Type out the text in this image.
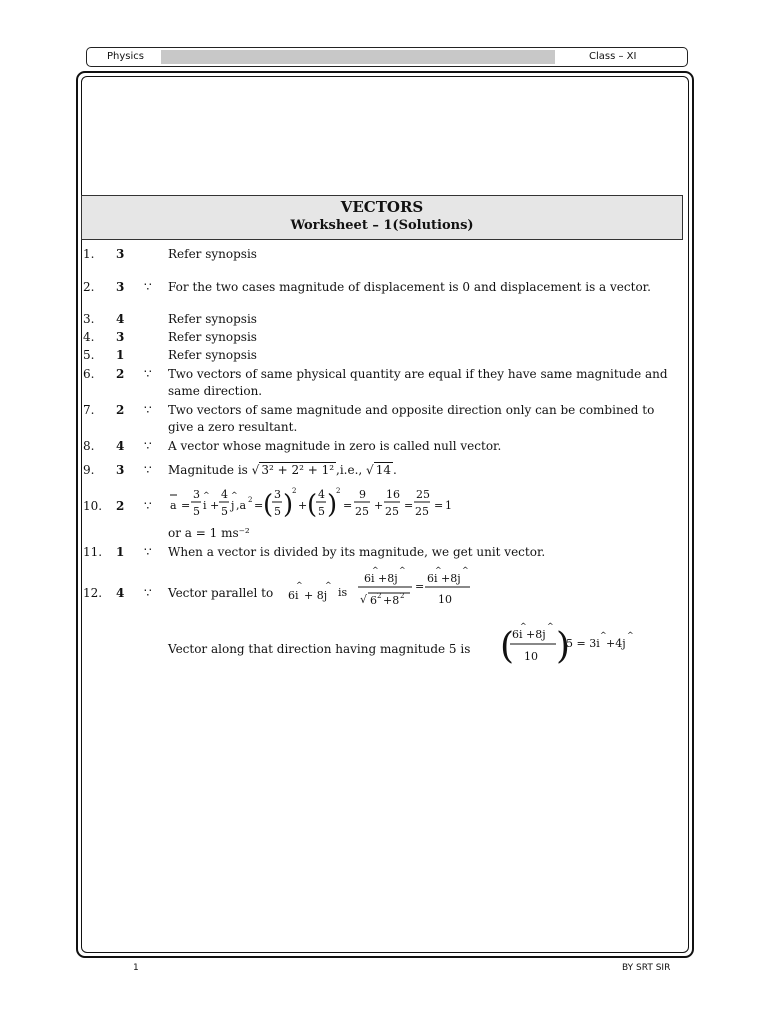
Physics	Class – XI
VECTORS
Worksheet – 1(Solutions)
1. 3	Refer synopsis
2. 3 ∵ For the two cases magnitude of displacement is 0 and displacement is a vector.
3. 4	Refer synopsis
4. 3	Refer synopsis
5. 1	Refer synopsis
6. 2 ∵ Two vectors of same physical quantity are equal if they have same magnitude and same direction.
7. 2 ∵ Two vectors of same magnitude and opposite direction only can be combined to give a zero resultant.
8. 4 ∵ A vector whose magnitude in zero is called null vector.
9. 3 ∵ Magnitude is √ 3² + 2² + 1² ,i.e., √ 14 .
10. 2 ∵ a =
3
5 i
^
+
4
5 j
^
,a 2 = ( 3
5 )
2
+ ( 4
5 )
2
=
9
25 +
16
25 =
25
25 = 1
or a = 1 ms⁻²
11. 1 ∵ When a vector is divided by its magnitude, we get unit vector.
12. 4 ∵ Vector parallel to	6i
^
+ 8j
^
is
6i
^
+8j
^
√ 6 2 +8 2
=
6i
^
+8j
^
10
Vector along that direction having magnitude 5 is (
6i
^
+8j
^
10 )
5 = 3i
^
+4j
^
1	BY SRT SIR
